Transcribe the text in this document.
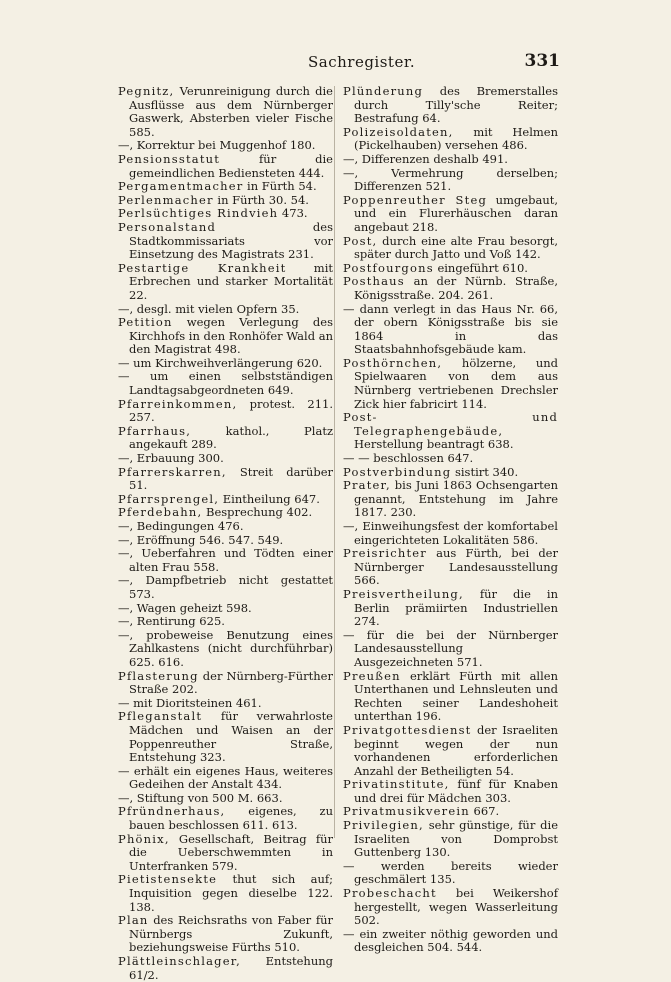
Sachregister.	331

Pegnitz, Verunreinigung durch die Ausflüsse aus dem Nürnberger Gaswerk, Absterben vieler Fische 585.

—, Korrektur bei Muggenhof 180.

Pensionsstatut für die gemeindlichen Bediensteten 444.

Pergamentmacher in Fürth 54.

Perlenmacher in Fürth 30. 54.

Perlsüchtiges Rindvieh 473.

Personalstand des Stadtkommissariats vor Einsetzung des Magistrats 231.

Pestartige Krankheit mit Erbrechen und starker Mortalität 22.

—, desgl. mit vielen Opfern 35.

Petition wegen Verlegung des Kirchhofs in den Ronhöfer Wald an den Magistrat 498.

— um Kirchweihverlängerung 620.

— um einen selbstständigen Landtagsabgeordneten 649.

Pfarreinkommen, protest. 211. 257.

Pfarrhaus, kathol., Platz angekauft 289.

—, Erbauung 300.

Pfarrerskarren, Streit darüber 51.

Pfarrsprengel, Eintheilung 647.

Pferdebahn, Besprechung 402.

—, Bedingungen 476.

—, Eröffnung 546. 547. 549.

—, Ueberfahren und Tödten einer alten Frau 558.

—, Dampfbetrieb nicht gestattet 573.

—, Wagen geheizt 598.

—, Rentirung 625.

—, probeweise Benutzung eines Zahlkastens (nicht durchführbar) 625. 616.

Pflasterung der Nürnberg-Fürther Straße 202.

— mit Dioritsteinen 461.

Pfleganstalt für verwahrloste Mädchen und Waisen an der Poppenreuther Straße, Entstehung 323.

— erhält ein eigenes Haus, weiteres Gedeihen der Anstalt 434.

—, Stiftung von 500 M. 663.

Pfründnerhaus, eigenes, zu bauen beschlossen 611. 613.

Phönix, Gesellschaft, Beitrag für die Ueberschwemmten in Unterfranken 579.

Pietistensekte thut sich auf; Inquisition gegen dieselbe 122. 138.

Plan des Reichsraths von Faber für Nürnbergs Zukunft, beziehungsweise Fürths 510.

Plättleinschlager, Entstehung 61/2.

Plünderung des Bremerstalles durch Tilly'sche Reiter; Bestrafung 64.

Polizeisoldaten, mit Helmen (Pickelhauben) versehen 486.

—, Differenzen deshalb 491.

—, Vermehrung derselben; Differenzen 521.

Poppenreuther Steg umgebaut, und ein Flurerhäuschen daran angebaut 218.

Post, durch eine alte Frau besorgt, später durch Jatto und Voß 142.

Postfourgons eingeführt 610.

Posthaus an der Nürnb. Straße, Königsstraße. 204. 261.

— dann verlegt in das Haus Nr. 66, der obern Königsstraße bis sie 1864 in das Staatsbahnhofsgebäude kam.

Posthörnchen, hölzerne, und Spielwaaren von dem aus Nürnberg vertriebenen Drechsler Zick hier fabricirt 114.

Post- und Telegraphengebäude, Herstellung beantragt 638.

— — beschlossen 647.

Postverbindung sistirt 340.

Prater, bis Juni 1863 Ochsengarten genannt, Entstehung im Jahre 1817. 230.

—, Einweihungsfest der komfortabel eingerichteten Lokalitäten 586.

Preisrichter aus Fürth, bei der Nürnberger Landesausstellung 566.

Preisvertheilung, für die in Berlin prämiirten Industriellen 274.

— für die bei der Nürnberger Landesausstellung Ausgezeichneten 571.

Preußen erklärt Fürth mit allen Unterthanen und Lehnsleuten und Rechten seiner Landeshoheit unterthan 196.

Privatgottesdienst der Israeliten beginnt wegen der nun vorhandenen erforderlichen Anzahl der Betheiligten 54.

Privatinstitute, fünf für Knaben und drei für Mädchen 303.

Privatmusikverein 667.

Privilegien, sehr günstige, für die Israeliten von Domprobst Guttenberg 130.

— werden bereits wieder geschmälert 135.

Probeschacht bei Weikershof hergestellt, wegen Wasserleitung 502.

— ein zweiter nöthig geworden und desgleichen 504. 544.
